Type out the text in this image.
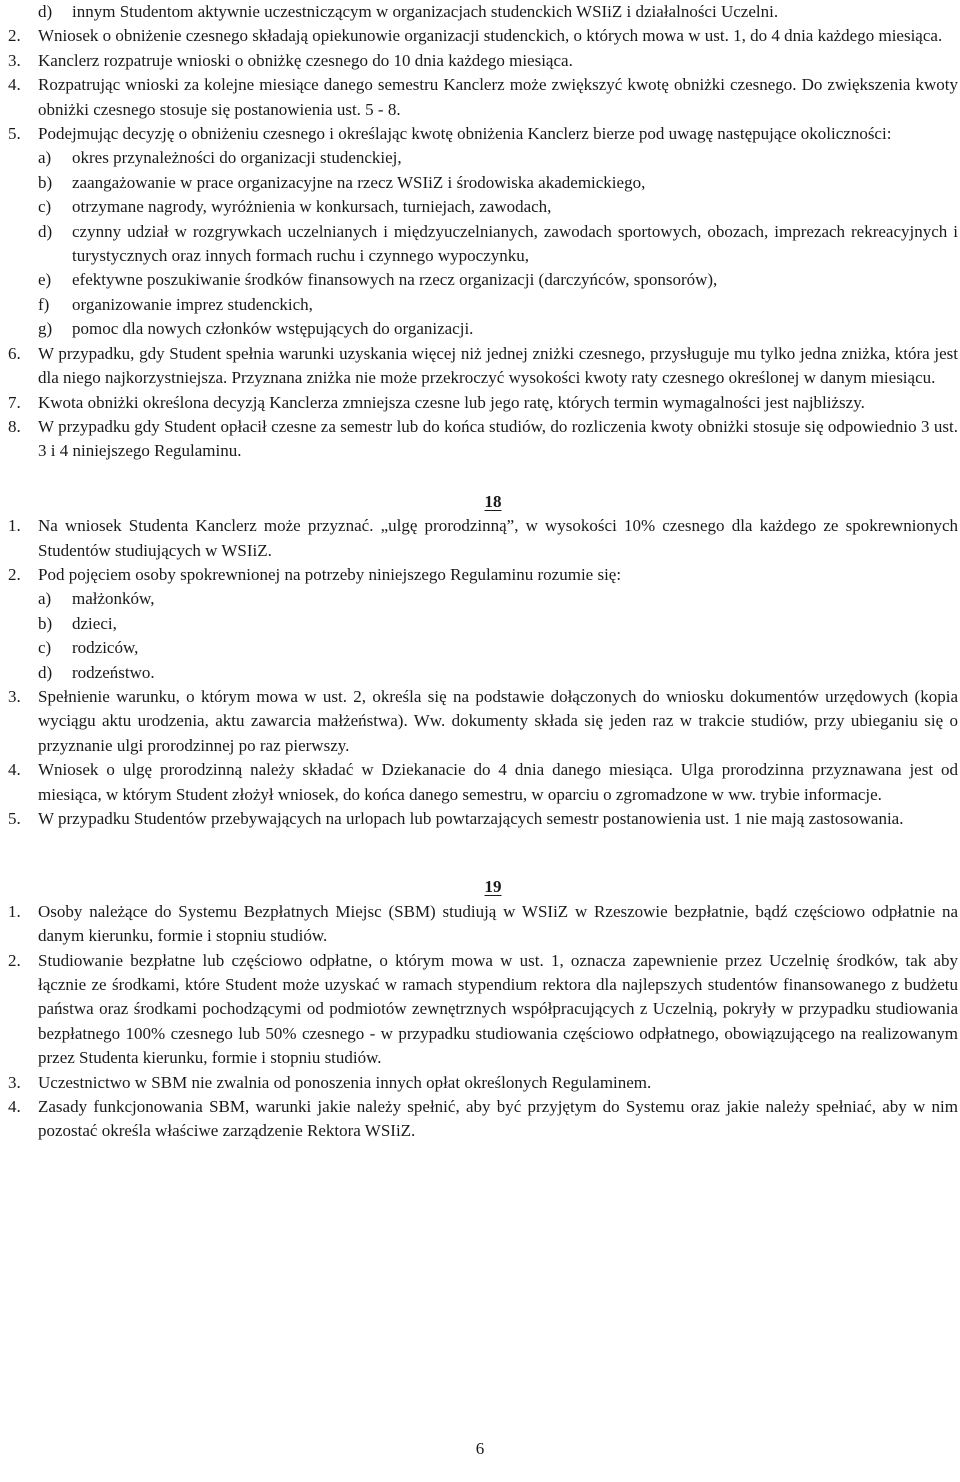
d) innym Studentom aktywnie uczestniczącym w organizacjach studenckich WSIiZ i działalności Uczelni.
2. Wniosek o obniżenie czesnego składają opiekunowie organizacji studenckich, o których mowa w ust. 1, do 4 dnia każdego miesiąca.
3. Kanclerz rozpatruje wnioski o obniżkę czesnego do 10 dnia każdego miesiąca.
4. Rozpatrując wnioski za kolejne miesiące danego semestru Kanclerz może zwiększyć kwotę obniżki czesnego. Do zwiększenia kwoty obniżki czesnego stosuje się postanowienia ust. 5 - 8.
5. Podejmując decyzję o obniżeniu czesnego i określając kwotę obniżenia Kanclerz bierze pod uwagę następujące okoliczności:
a) okres przynależności do organizacji studenckiej,
b) zaangażowanie w prace organizacyjne na rzecz WSIiZ i środowiska akademickiego,
c) otrzymane nagrody, wyróżnienia w konkursach, turniejach, zawodach,
d) czynny udział w rozgrywkach uczelnianych i międzyuczelnianych, zawodach sportowych, obozach, imprezach rekreacyjnych i turystycznych oraz innych formach ruchu i czynnego wypoczynku,
e) efektywne poszukiwanie środków finansowych na rzecz organizacji (darczyńców, sponsorów),
f) organizowanie imprez studenckich,
g) pomoc dla nowych członków wstępujących do organizacji.
6. W przypadku, gdy Student spełnia warunki uzyskania więcej niż jednej zniżki czesnego, przysługuje mu tylko jedna zniżka, która jest dla niego najkorzystniejsza. Przyznana zniżka nie może przekroczyć wysokości kwoty raty czesnego określonej w danym miesiącu.
7. Kwota obniżki określona decyzją Kanclerza zmniejsza czesne lub jego ratę, których termin wymagalności jest najbliższy.
8. W przypadku gdy Student opłacił czesne za semestr lub do końca studiów, do rozliczenia kwoty obniżki stosuje się odpowiednio 3 ust. 3 i 4 niniejszego Regulaminu.
18
1. Na wniosek Studenta Kanclerz może przyznać. „ulgę prorodzinną”, w wysokości 10% czesnego dla każdego ze spokrewnionych Studentów studiujących w WSIiZ.
2. Pod pojęciem osoby spokrewnionej na potrzeby niniejszego Regulaminu rozumie się:
a) małżonków,
b) dzieci,
c) rodziców,
d) rodzeństwo.
3. Spełnienie warunku, o którym mowa w ust. 2, określa się na podstawie dołączonych do wniosku dokumentów urzędowych (kopia wyciągu aktu urodzenia, aktu zawarcia małżeństwa). Ww. dokumenty składa się jeden raz w trakcie studiów, przy ubieganiu się o przyznanie ulgi prorodzinnej po raz pierwszy.
4. Wniosek o ulgę prorodzinną należy składać w Dziekanacie do 4 dnia danego miesiąca. Ulga prorodzinna przyznawana jest od miesiąca, w którym Student złożył wniosek, do końca danego semestru, w oparciu o zgromadzone w ww. trybie informacje.
5. W przypadku Studentów przebywających na urlopach lub powtarzających semestr postanowienia ust. 1 nie mają zastosowania.
19
1. Osoby należące do Systemu Bezpłatnych Miejsc (SBM) studiują w WSIiZ w Rzeszowie bezpłatnie, bądź częściowo odpłatnie na danym kierunku, formie i stopniu studiów.
2. Studiowanie bezpłatne lub częściowo odpłatne, o którym mowa w ust. 1, oznacza zapewnienie przez Uczelnię środków, tak aby łącznie ze środkami, które Student może uzyskać w ramach stypendium rektora dla najlepszych studentów finansowanego z budżetu państwa oraz środkami pochodzącymi od podmiotów zewnętrznych współpracujących z Uczelnią, pokryły w przypadku studiowania bezpłatnego 100% czesnego lub 50% czesnego - w przypadku studiowania częściowo odpłatnego, obowiązującego na realizowanym przez Studenta kierunku, formie i stopniu studiów.
3. Uczestnictwo w SBM nie zwalnia od ponoszenia innych opłat określonych Regulaminem.
4. Zasady funkcjonowania SBM, warunki jakie należy spełnić, aby być przyjętym do Systemu oraz jakie należy spełniać, aby w nim pozostać określa właściwe zarządzenie Rektora WSIiZ.
6
